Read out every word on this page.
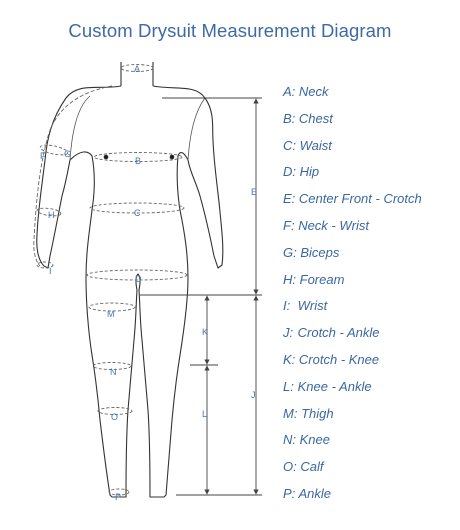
Custom Drysuit Measurement Diagram
A
B
C
D
E
F G
H
I
J
K
L
M
N
O
P
A: Neck
B: Chest
C: Waist
D: Hip
E: Center Front - Crotch
F: Neck - Wrist
G: Biceps
H: Foream
I: Wrist
J: Crotch - Ankle
K: Crotch - Knee
L: Knee - Ankle
M: Thigh
N: Knee
O: Calf
P: Ankle
